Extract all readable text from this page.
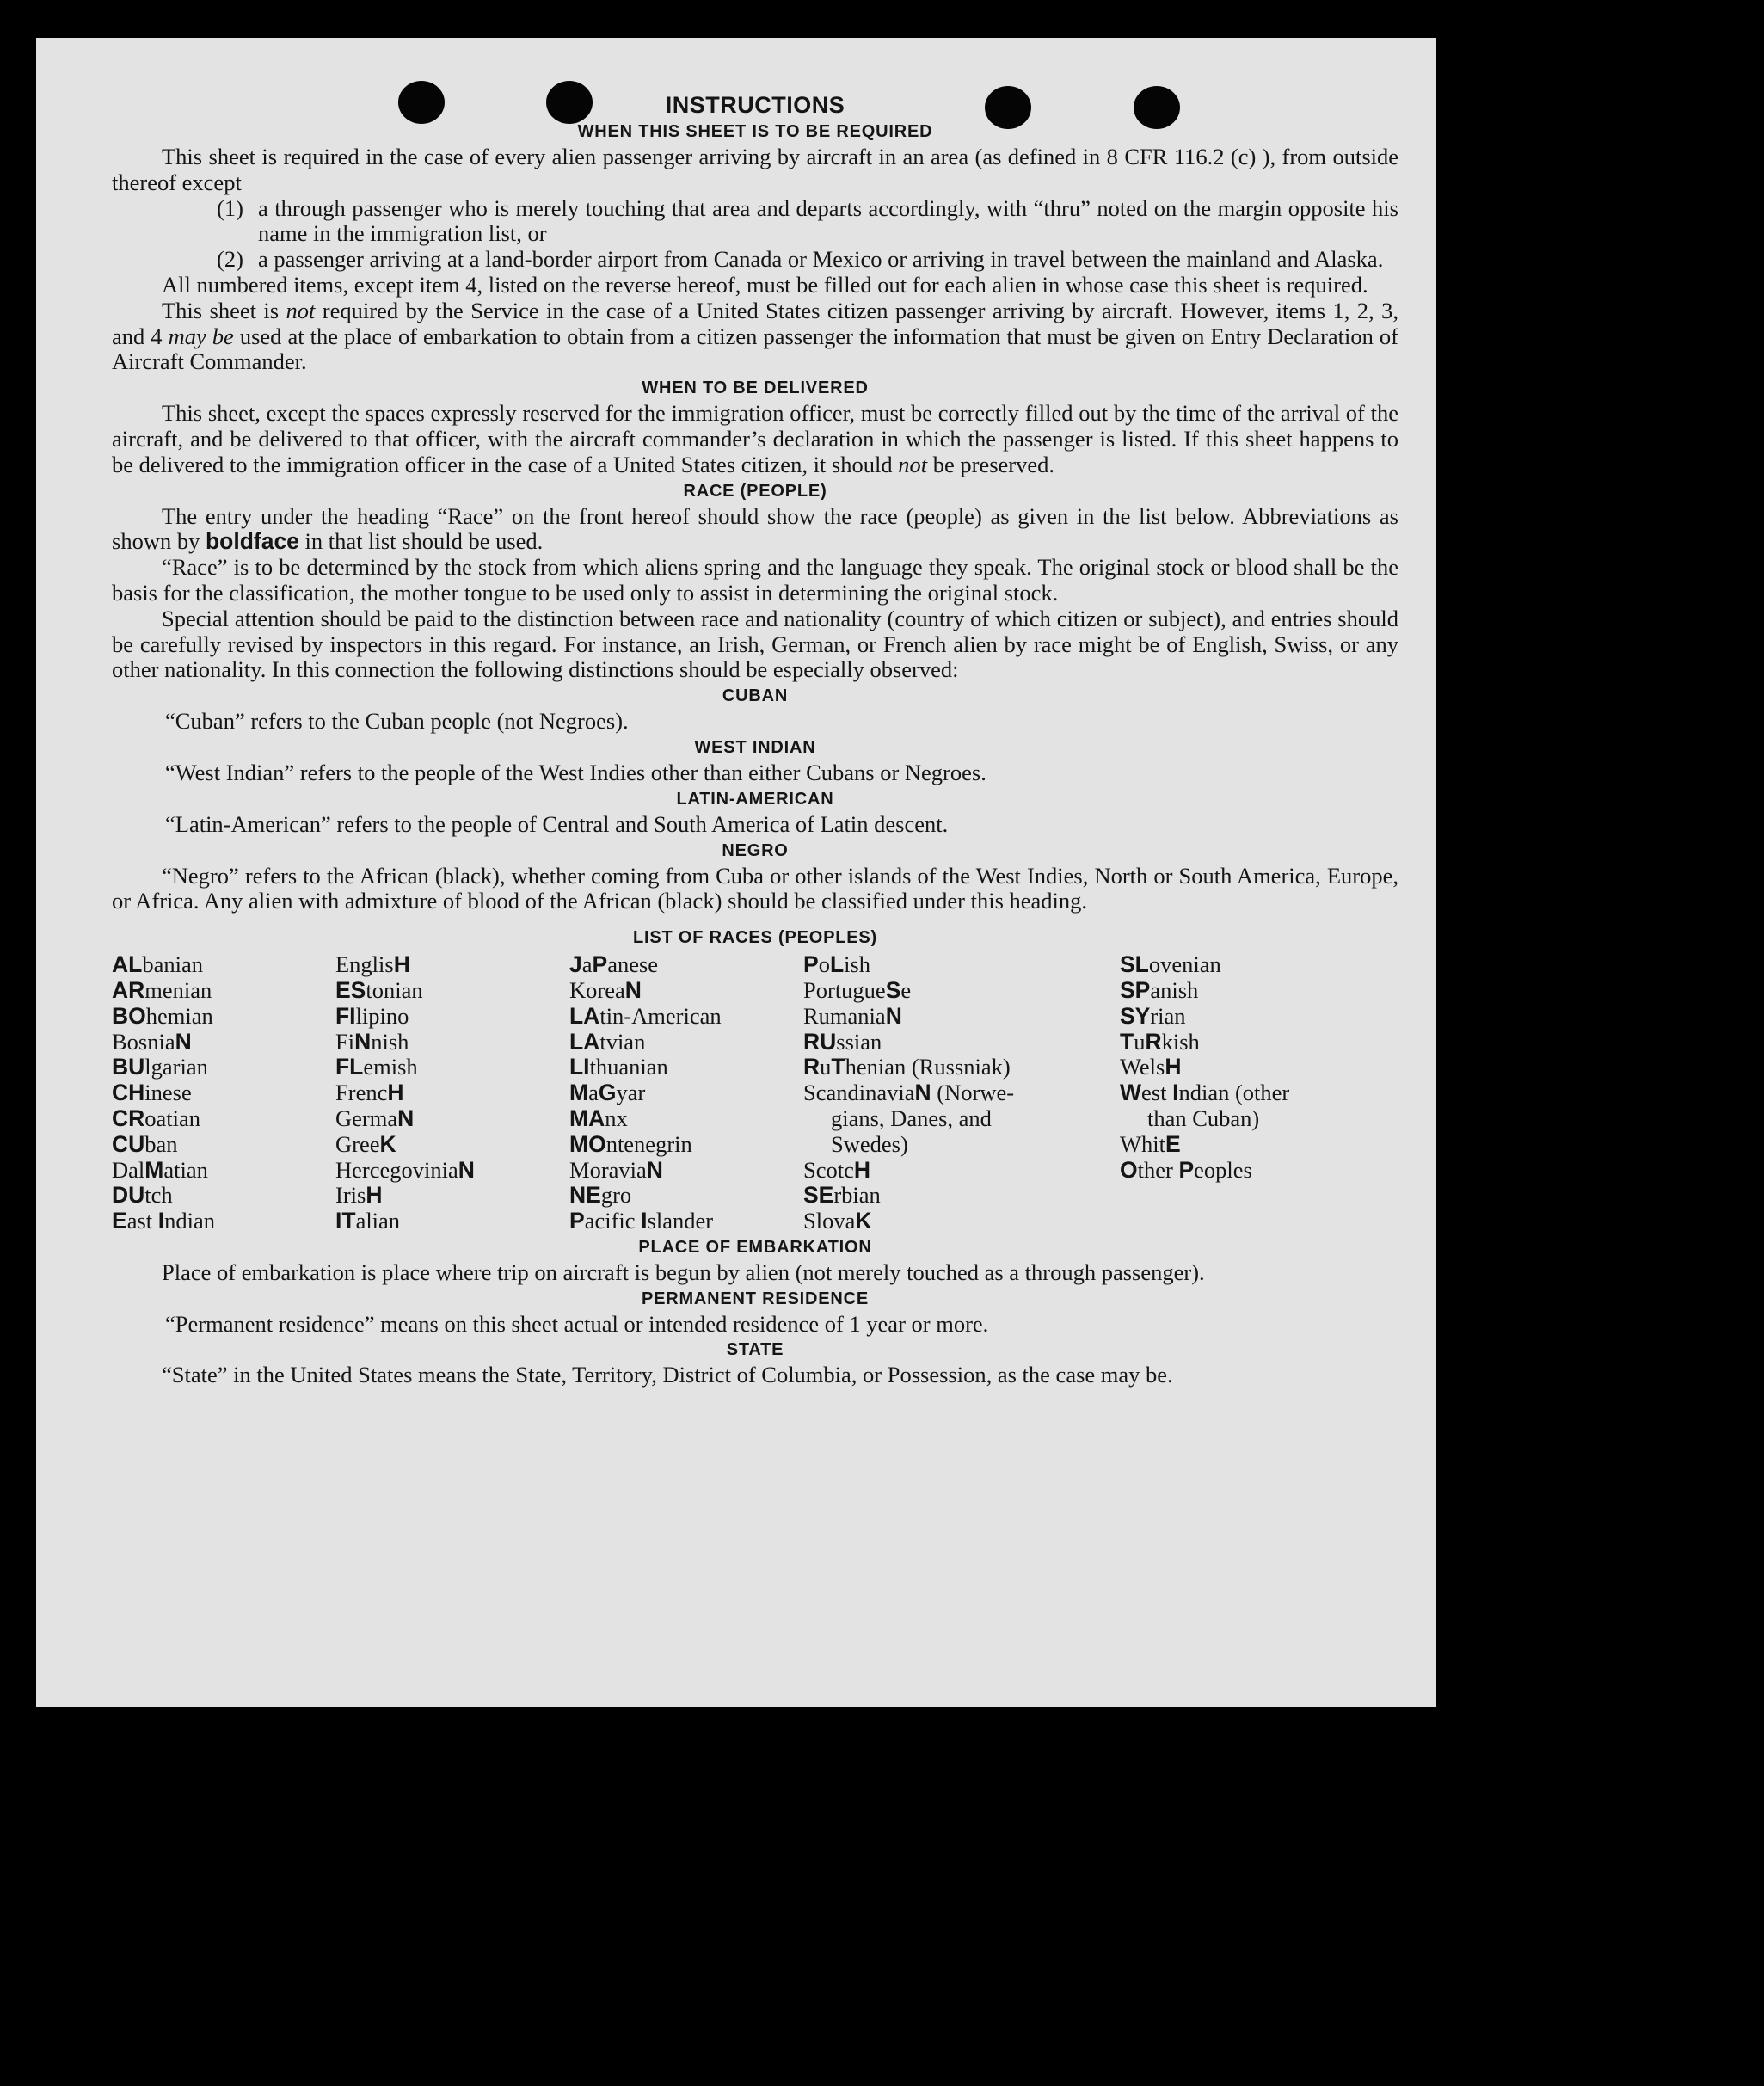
INSTRUCTIONS
WHEN THIS SHEET IS TO BE REQUIRED

This sheet is required in the case of every alien passenger arriving by aircraft in an area (as defined in 8 CFR 116.2 (c) ), from outside thereof except

(1) a through passenger who is merely touching that area and departs accordingly, with “thru” noted on the margin opposite his name in the immigration list, or
(2) a passenger arriving at a land-border airport from Canada or Mexico or arriving in travel between the mainland and Alaska.

All numbered items, except item 4, listed on the reverse hereof, must be filled out for each alien in whose case this sheet is required.

This sheet is not required by the Service in the case of a United States citizen passenger arriving by aircraft. However, items 1, 2, 3, and 4 may be used at the place of embarkation to obtain from a citizen passenger the information that must be given on Entry Declaration of Aircraft Commander.

WHEN TO BE DELIVERED

This sheet, except the spaces expressly reserved for the immigration officer, must be correctly filled out by the time of the arrival of the aircraft, and be delivered to that officer, with the aircraft commander’s declaration in which the passenger is listed. If this sheet happens to be delivered to the immigration officer in the case of a United States citizen, it should not be preserved.

RACE (PEOPLE)

The entry under the heading “Race” on the front hereof should show the race (people) as given in the list below. Abbreviations as shown by boldface in that list should be used.

“Race” is to be determined by the stock from which aliens spring and the language they speak. The original stock or blood shall be the basis for the classification, the mother tongue to be used only to assist in determining the original stock.

Special attention should be paid to the distinction between race and nationality (country of which citizen or subject), and entries should be carefully revised by inspectors in this regard. For instance, an Irish, German, or French alien by race might be of English, Swiss, or any other nationality. In this connection the following distinctions should be especially observed:

CUBAN

“Cuban” refers to the Cuban people (not Negroes).

WEST INDIAN

“West Indian” refers to the people of the West Indies other than either Cubans or Negroes.

LATIN-AMERICAN

“Latin-American” refers to the people of Central and South America of Latin descent.

NEGRO

“Negro” refers to the African (black), whether coming from Cuba or other islands of the West Indies, North or South America, Europe, or Africa. Any alien with admixture of blood of the African (black) should be classified under this heading.

LIST OF RACES (PEOPLES)
ALbanian
ARmenian
BOhemian
BosniaN
BUlgarian
CHinese
CRoatian
CUban
DalMatian
DUtch
East Indian
EnglisH
EStonian
FIlipino
FiNnish
FLemish
FrencH
GermaN
GreeK
HercegoviniaN
IrisH
ITalian
JaPanese
KoreaN
LAtin-American
LAtvian
LIthuanian
MaGyar
MAnx
MOntenegrin
MoraviaN
NEgro
Pacific Islander
PoLish
PortugueSe
RumaniaN
RUssian
RuThenian (Russniak)
ScandinaviaN (Norwe-
gians, Danes, and
Swedes)
ScotcH
SErbian
SlovaK
SLovenian
SPanish
SYrian
TuRkish
WelsH
West Indian (other
than Cuban)
WhitE
Other Peoples
PLACE OF EMBARKATION

Place of embarkation is place where trip on aircraft is begun by alien (not merely touched as a through passenger).

PERMANENT RESIDENCE

“Permanent residence” means on this sheet actual or intended residence of 1 year or more.

STATE

“State” in the United States means the State, Territory, District of Columbia, or Possession, as the case may be.
